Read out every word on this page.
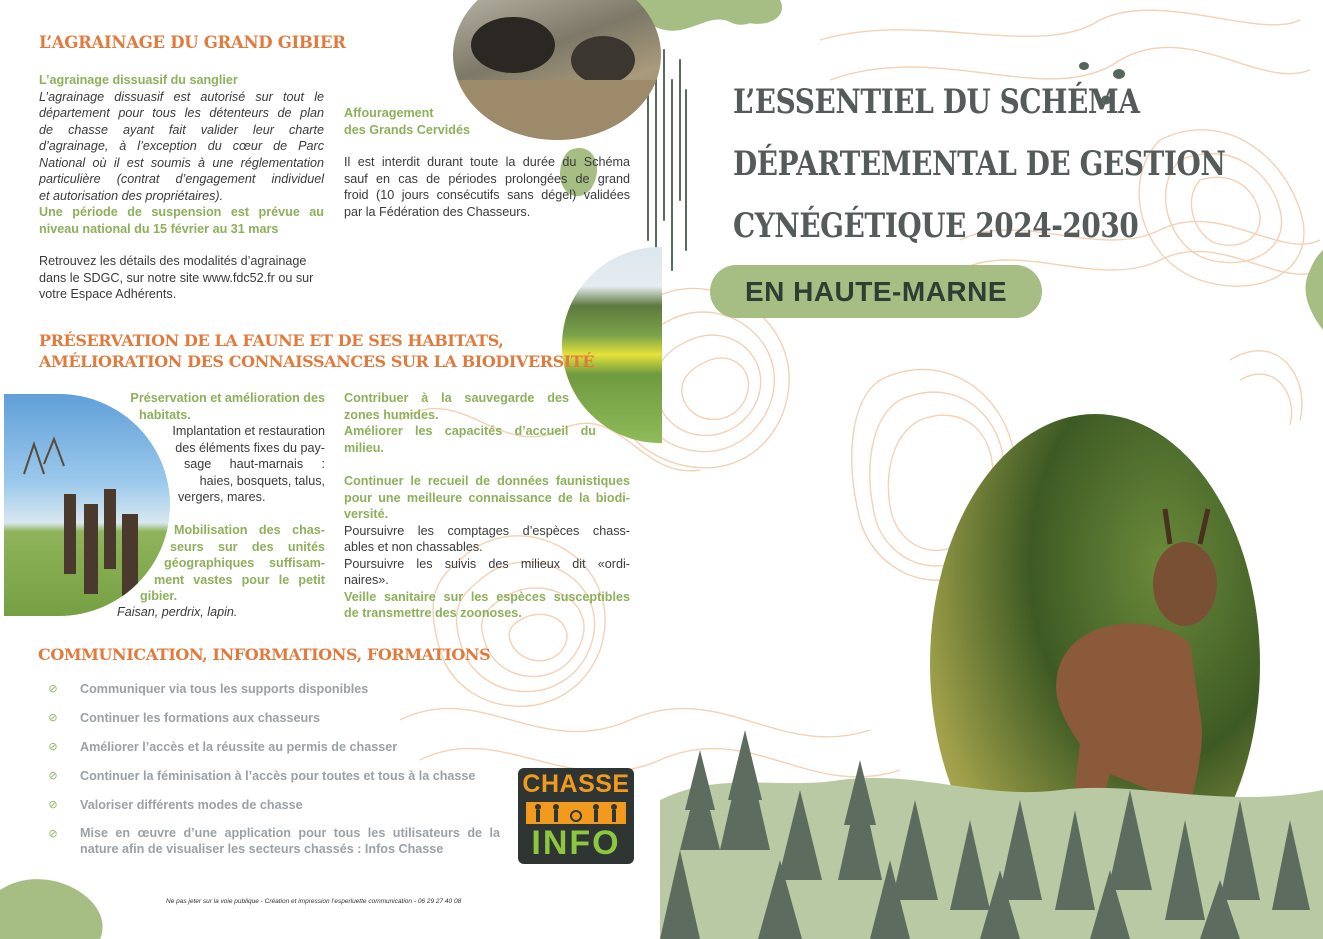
L’AGRAINAGE DU GRAND GIBIER
L’agrainage dissuasif du sanglier
L’agrainage dissuasif est autorisé sur tout le
département pour tous les détenteurs de plan
de chasse ayant fait valider leur charte
d’agrainage, à l’exception du cœur de Parc
National où il est soumis à une réglementation
particulière (contrat d’engagement individuel
et autorisation des propriétaires).
Une période de suspension est prévue au
niveau national du 15 février au 31 mars
Retrouvez les détails des modalités d’agrainage
dans le SDGC, sur notre site www.fdc52.fr ou sur
votre Espace Adhérents.
Affouragement
des Grands Cervidés
Il est interdit durant toute la durée du Schéma
sauf en cas de périodes prolongées de grand
froid (10 jours consécutifs sans dégel) validées
par la Fédération des Chasseurs.
PRÉSERVATION DE LA FAUNE ET DE SES HABITATS,
AMÉLIORATION DES CONNAISSANCES SUR LA BIODIVERSITÉ
Préservation et amélioration des
habitats.
Implantation et restauration
des éléments fixes du pay-
sage haut-marnais :
haies, bosquets, talus,
vergers, mares.
Mobilisation des chas-
seurs sur des unités
géographiques suffisam-
ment vastes pour le petit
gibier.
Faisan, perdrix, lapin.
Contribuer à la sauvegarde des
zones humides.
Améliorer les capacités d’accueil du
milieu.
Continuer le recueil de données faunistiques
pour une meilleure connaissance de la biodi-
versité.
Poursuivre les comptages d’espèces chass-
ables et non chassables.
Poursuivre les suivis des milieux dit «ordi-
naires».
Veille sanitaire sur les espèces susceptibles
de transmettre des zoonoses.
COMMUNICATION, INFORMATIONS, FORMATIONS
⊘ Communiquer via tous les supports disponibles
⊘ Continuer les formations aux chasseurs
⊘ Améliorer l’accès et la réussite au permis de chasser
⊘ Continuer la féminisation à l’accès pour toutes et tous à la chasse
⊘ Valoriser différents modes de chasse
⊘ Mise en œuvre d’une application pour tous les utilisateurs de la
nature afin de visualiser les secteurs chassés : Infos Chasse
CHASSE
INFO
Ne pas jeter sur la voie publique - Création et impression l’esperluette communication - 06 29 27 40 08
L’ESSENTIEL DU SCHÉMA
DÉPARTEMENTAL DE GESTION
CYNÉGÉTIQUE 2024-2030
EN HAUTE-MARNE
